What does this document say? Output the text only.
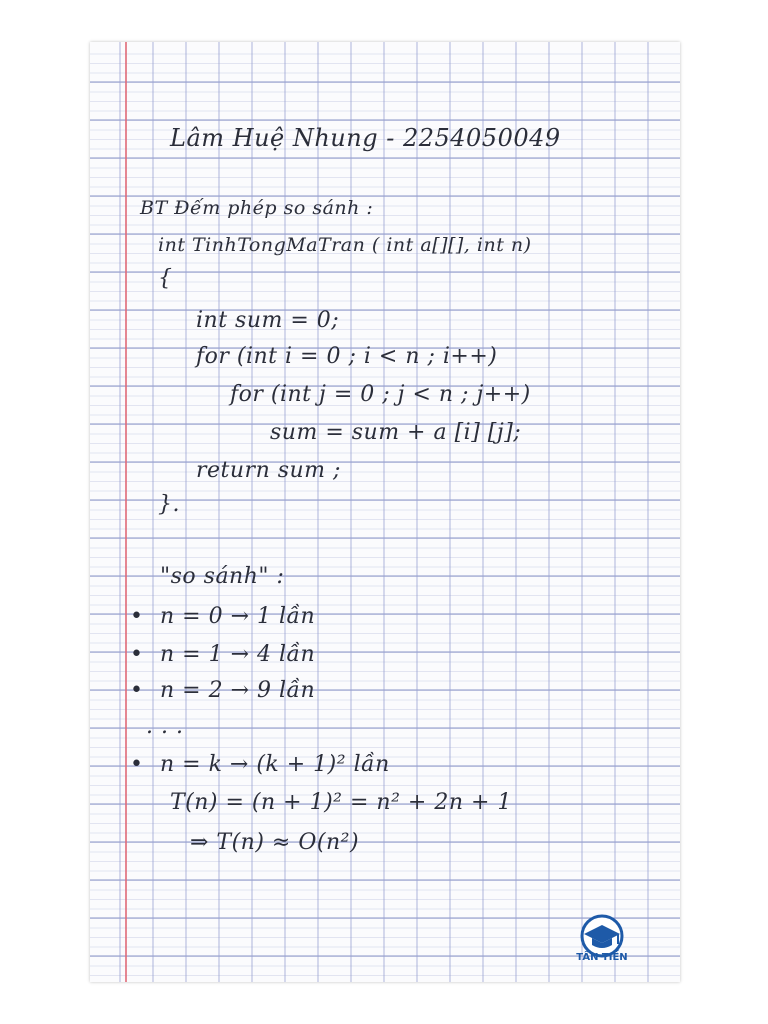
Lâm Huệ Nhung - 2254050049
BT Đếm phép so sánh :
int TinhTongMaTran ( int a[][], int n)
{
int sum = 0;
for (int i = 0 ; i < n ; i++)
for (int j = 0 ; j < n ; j++)
sum = sum + a [i] [j];
return sum ;
}.
"so sánh" :
• n = 0 → 1 lần
• n = 1 → 4 lần
• n = 2 → 9 lần
. . .
• n = k → (k + 1)² lần
T(n) = (n + 1)² = n² + 2n + 1
⇒ T(n) ≈ O(n²)
TÂN TIẾN
